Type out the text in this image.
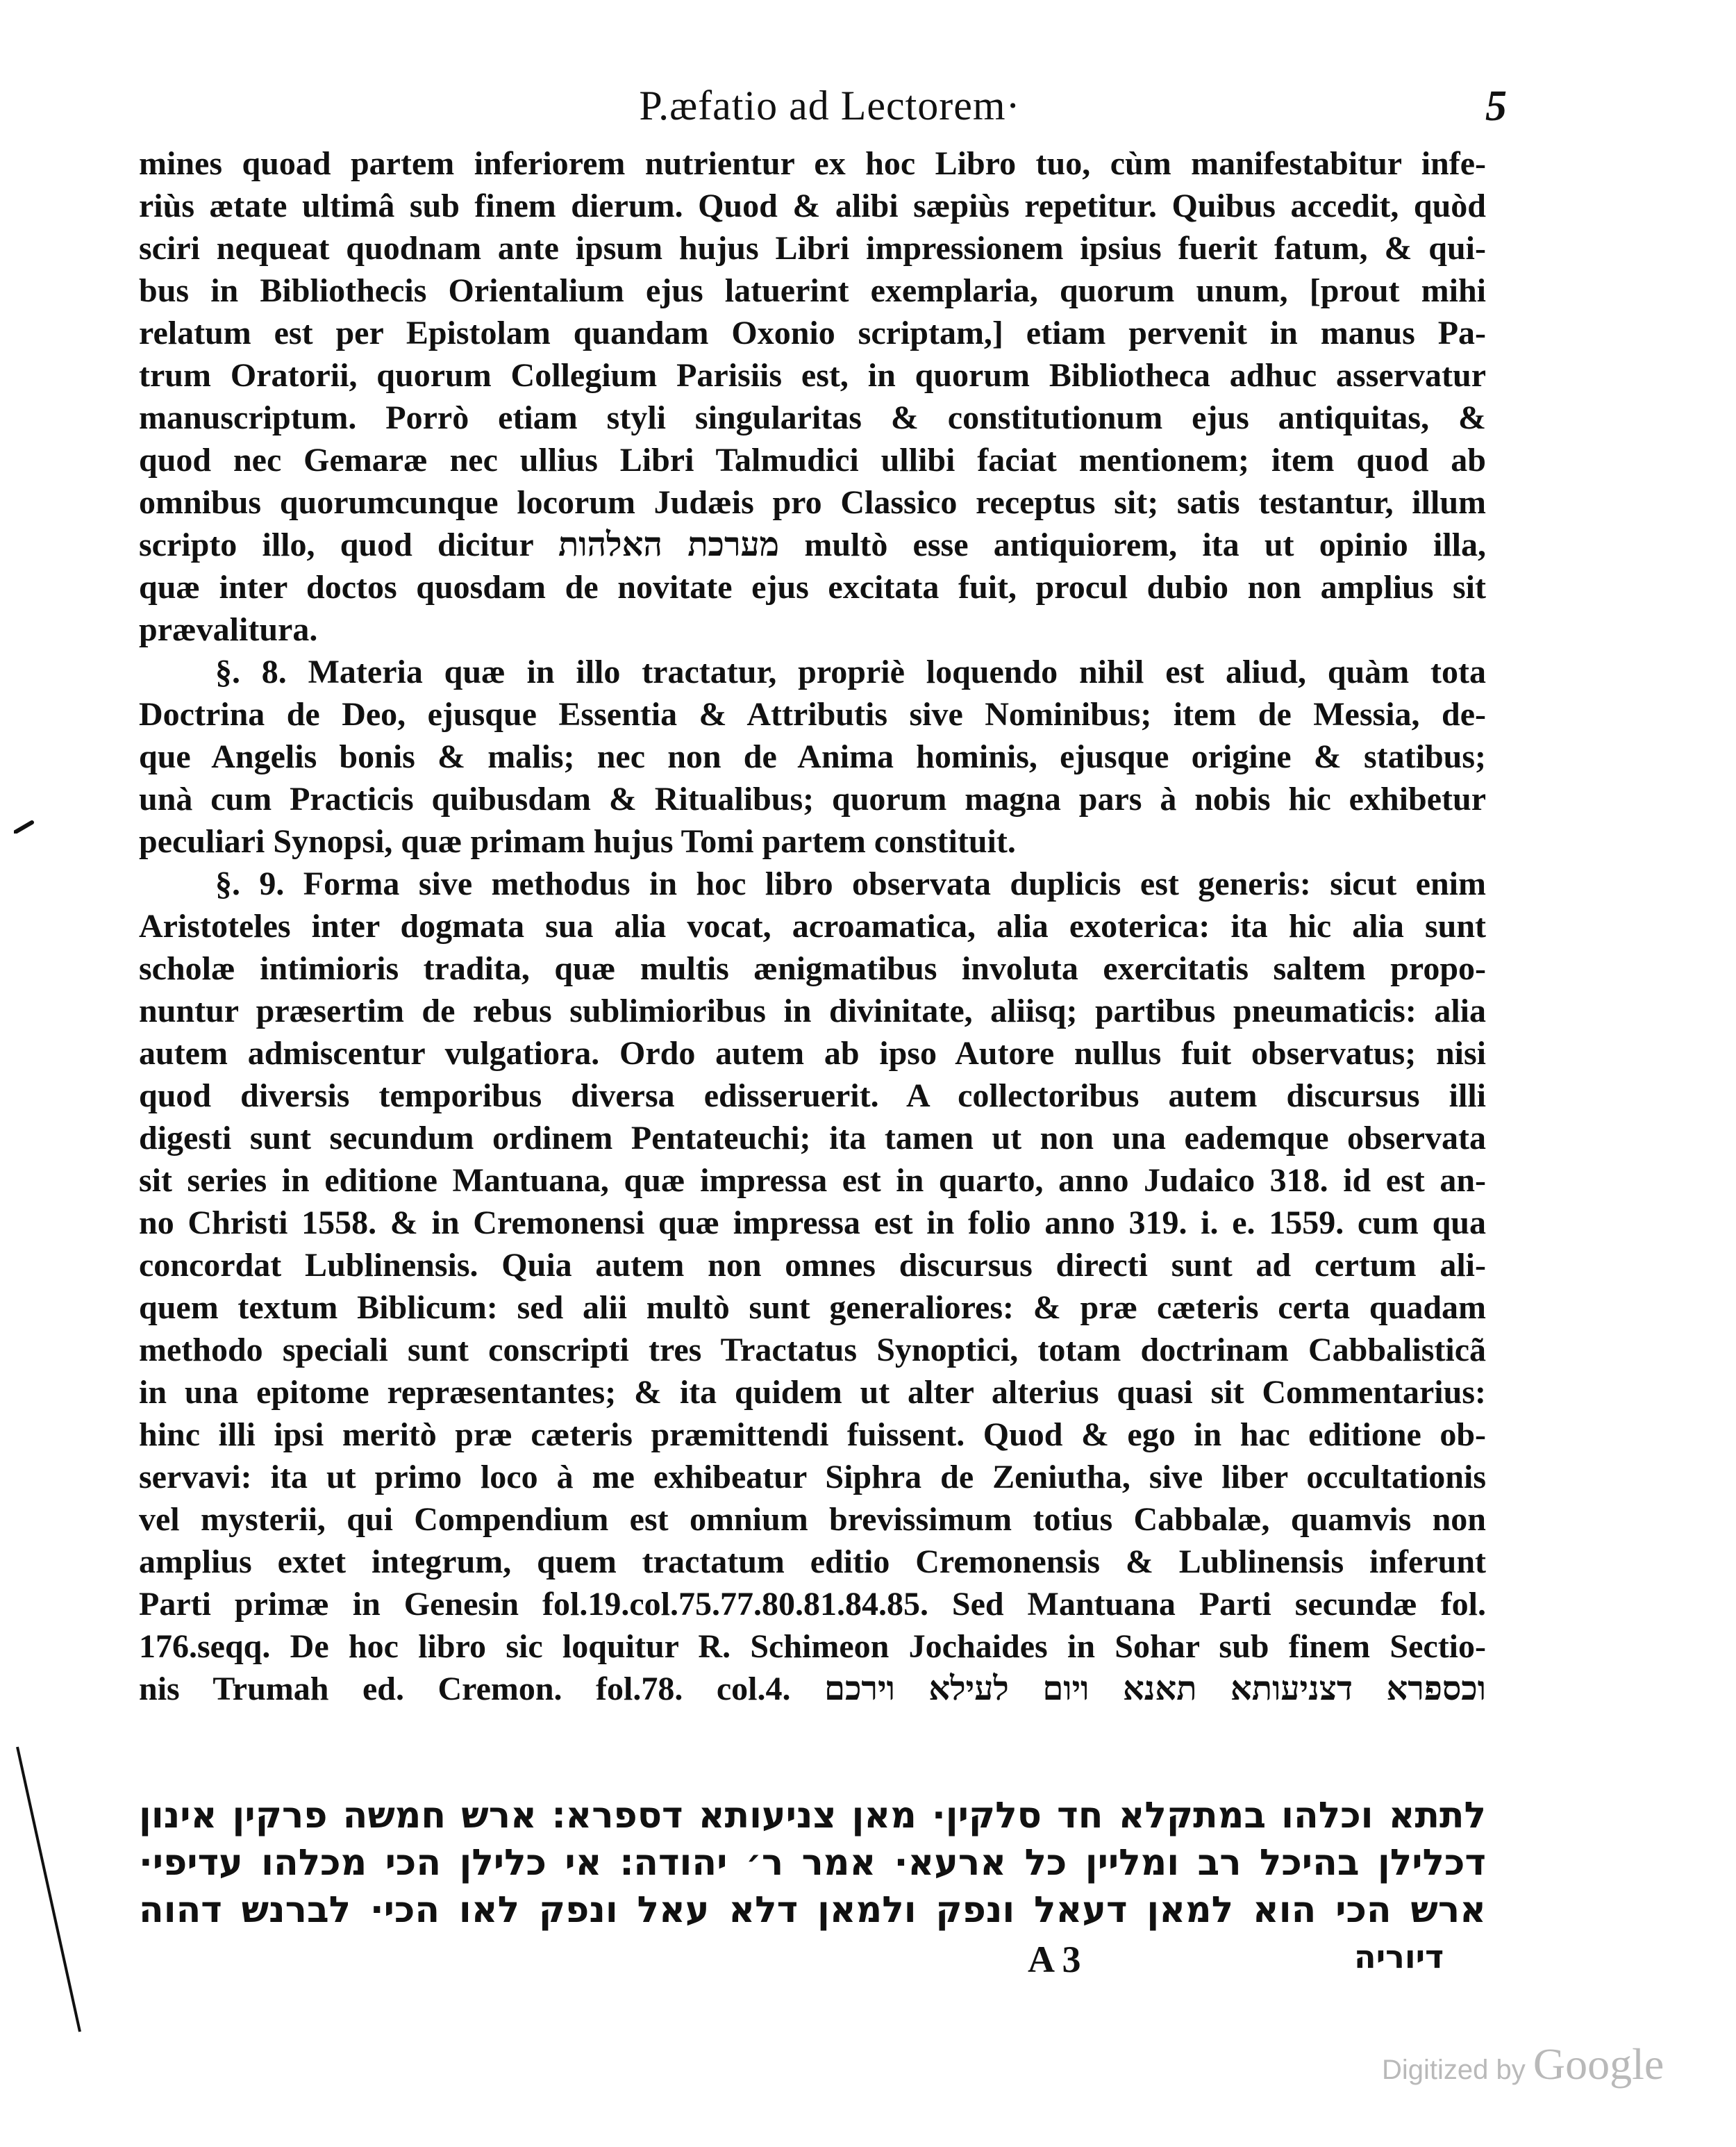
P.æfatio ad Lectorem·	5
mines quoad partem inferiorem nutrientur ex hoc Libro tuo, cùm manifestabitur infe-
riùs ætate ultimâ sub finem dierum. Quod & alibi sæpiùs repetitur. Quibus accedit, quòd
sciri nequeat quodnam ante ipsum hujus Libri impressionem ipsius fuerit fatum, & qui-
bus in Bibliothecis Orientalium ejus latuerint exemplaria, quorum unum, [prout mihi
relatum est per Epistolam quandam Oxonio scriptam,] etiam pervenit in manus Pa-
trum Oratorii, quorum Collegium Parisiis est, in quorum Bibliotheca adhuc asservatur
manuscriptum. Porrò etiam styli singularitas & constitutionum ejus antiquitas, &
quod nec Gemaræ nec ullius Libri Talmudici ullibi faciat mentionem; item quod ab
omnibus quorumcunque locorum Judæis pro Classico receptus sit; satis testantur, illum
scripto illo, quod dicitur מערכת האלהות multò esse antiquiorem, ita ut opinio illa,
quæ inter doctos quosdam de novitate ejus excitata fuit, procul dubio non amplius sit
prævalitura.
§. 8. Materia quæ in illo tractatur, propriè loquendo nihil est aliud, quàm tota
Doctrina de Deo, ejusque Essentia & Attributis sive Nominibus; item de Messia, de-
que Angelis bonis & malis; nec non de Anima hominis, ejusque origine & statibus;
unà cum Practicis quibusdam & Ritualibus; quorum magna pars à nobis hic exhibetur
peculiari Synopsi, quæ primam hujus Tomi partem constituit.
§. 9. Forma sive methodus in hoc libro observata duplicis est generis: sicut enim
Aristoteles inter dogmata sua alia vocat, acroamatica, alia exoterica: ita hic alia sunt
scholæ intimioris tradita, quæ multis ænigmatibus involuta exercitatis saltem propo-
nuntur præsertim de rebus sublimioribus in divinitate, aliisq; partibus pneumaticis: alia
autem admiscentur vulgatiora. Ordo autem ab ipso Autore nullus fuit observatus; nisi
quod diversis temporibus diversa edisseruerit. A collectoribus autem discursus illi
digesti sunt secundum ordinem Pentateuchi; ita tamen ut non una eademque observata
sit series in editione Mantuana, quæ impressa est in quarto, anno Judaico 318. id est an-
no Christi 1558. & in Cremonensi quæ impressa est in folio anno 319. i. e. 1559. cum qua
concordat Lublinensis. Quia autem non omnes discursus directi sunt ad certum ali-
quem textum Biblicum: sed alii multò sunt generaliores: & præ cæteris certa quadam
methodo speciali sunt conscripti tres Tractatus Synoptici, totam doctrinam Cabbalisticã
in una epitome repræsentantes; & ita quidem ut alter alterius quasi sit Commentarius:
hinc illi ipsi meritò præ cæteris præmittendi fuissent. Quod & ego in hac editione ob-
servavi: ita ut primo loco à me exhibeatur Siphra de Zeniutha, sive liber occultationis
vel mysterii, qui Compendium est omnium brevissimum totius Cabbalæ, quamvis non
amplius extet integrum, quem tractatum editio Cremonensis & Lublinensis inferunt
Parti primæ in Genesin fol.19.col.75.77.80.81.84.85. Sed Mantuana Parti secundæ fol.
176.seqq. De hoc libro sic loquitur R. Schimeon Jochaides in Sohar sub finem Sectio-
nis Trumah ed. Cremon. fol.78. col.4. וכספרא דצניעותא תאנא ויום לעילא וירכם
לתתא וכלהו במתקלא חד סלקין· מאן צניעותא דספרא׃ ארש חמשה פרקין אינון
דכלילן בהיכל רב ומליין כל ארעא· אמר ר׳ יהודה׃ אי כלילן הכי מכלהו עדיפי·
ארש הכי הוא למאן דעאל ונפק ולמאן דלא עאל ונפק לאו הכי· לברנש דהוה
A 3	דיוריה
Digitized by Google
